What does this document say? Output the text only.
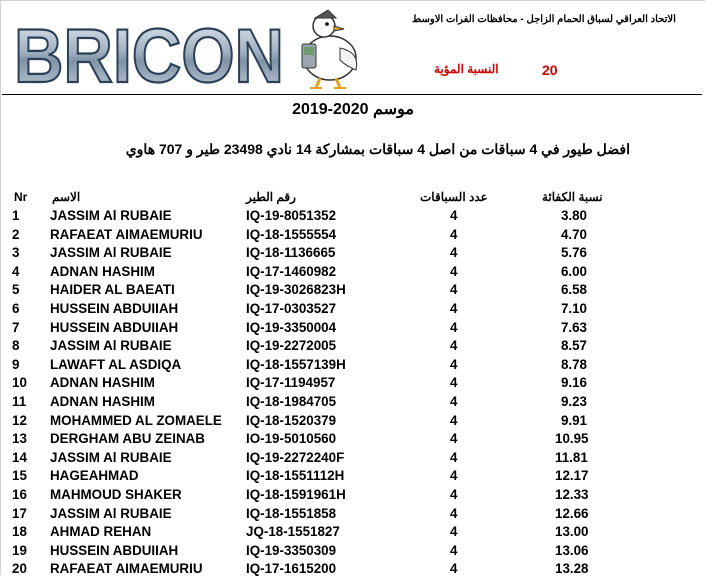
BRICON	الاتحاد العراقي لسباق الحمام الزاجل - محافظات الفرات الاوسط
النسبة المؤية	20
موسم 2020-2019
افضل طيور في 4 سباقات من اصل 4 سباقات بمشاركة 14 نادي 23498 طير و 707 هاوي
Nr الاسم	رقم الطير	عدد السباقات	نسبة الكفائة
1 JASSIM Al RUBAIE	IQ-19-8051352	4	3.80
2 RAFAEAT AIMAEMURIU	IQ-18-1555554	4	4.70
3 JASSIM Al RUBAIE	IQ-18-1136665	4	5.76
4 ADNAN HASHIM	IQ-17-1460982	4	6.00
5 HAIDER AL BAEATI	IQ-19-3026823H	4	6.58
6 HUSSEIN ABDUIIAH	IQ-17-0303527	4	7.10
7 HUSSEIN ABDUIIAH	IQ-19-3350004	4	7.63
8 JASSIM Al RUBAIE	IQ-19-2272005	4	8.57
9 LAWAFT AL ASDIQA	IQ-18-1557139H	4	8.78
10 ADNAN HASHIM	IQ-17-1194957	4	9.16
11 ADNAN HASHIM	IQ-18-1984705	4	9.23
12 MOHAMMED AL ZOMAELE IQ-18-1520379	4	9.91
13 DERGHAM ABU ZEINAB	IO-19-5010560	4	10.95
14 JASSIM Al RUBAIE	IQ-19-2272240F	4	11.81
15 HAGEAHMAD	IQ-18-1551112H	4	12.17
16 MAHMOUD SHAKER	IQ-18-1591961H	4	12.33
17 JASSIM Al RUBAIE	IQ-18-1551858	4	12.66
18 AHMAD REHAN	JQ-18-1551827	4	13.00
19 HUSSEIN ABDUIIAH	IQ-19-3350309	4	13.06
20 RAFAEAT AIMAEMURIU	IQ-17-1615200	4	13.28
